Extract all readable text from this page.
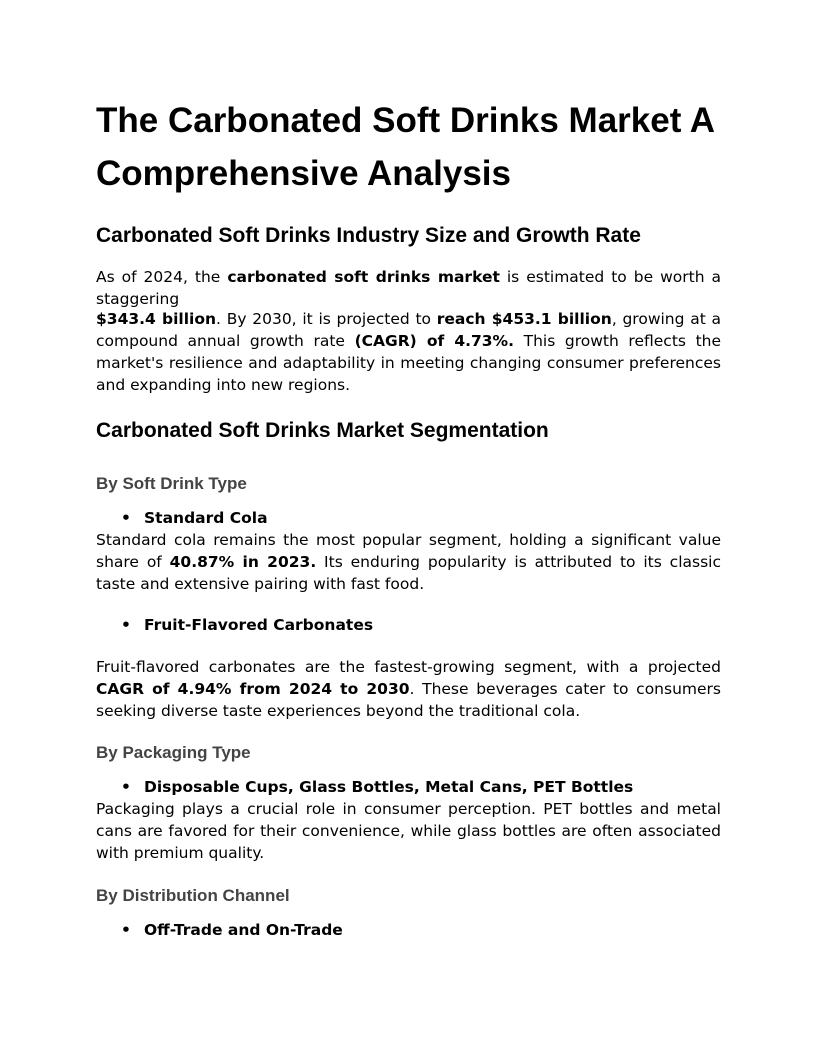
The Carbonated Soft Drinks Market A Comprehensive Analysis
Carbonated Soft Drinks Industry Size and Growth Rate

As of 2024, the carbonated soft drinks market is estimated to be worth a staggering

$343.4 billion. By 2030, it is projected to reach $453.1 billion, growing at a compound annual growth rate (CAGR) of 4.73%. This growth reflects the market's resilience and adaptability in meeting changing consumer preferences and expanding into new regions.

Carbonated Soft Drinks Market Segmentation
By Soft Drink Type
• Standard Cola

Standard cola remains the most popular segment, holding a significant value share of 40.87% in 2023. Its enduring popularity is attributed to its classic taste and extensive pairing with fast food.

• Fruit-Flavored Carbonates

Fruit-flavored carbonates are the fastest-growing segment, with a projected CAGR of 4.94% from 2024 to 2030. These beverages cater to consumers seeking diverse taste experiences beyond the traditional cola.

By Packaging Type
• Disposable Cups, Glass Bottles, Metal Cans, PET Bottles

Packaging plays a crucial role in consumer perception. PET bottles and metal cans are favored for their convenience, while glass bottles are often associated with premium quality.

By Distribution Channel
• Off-Trade and On-Trade
